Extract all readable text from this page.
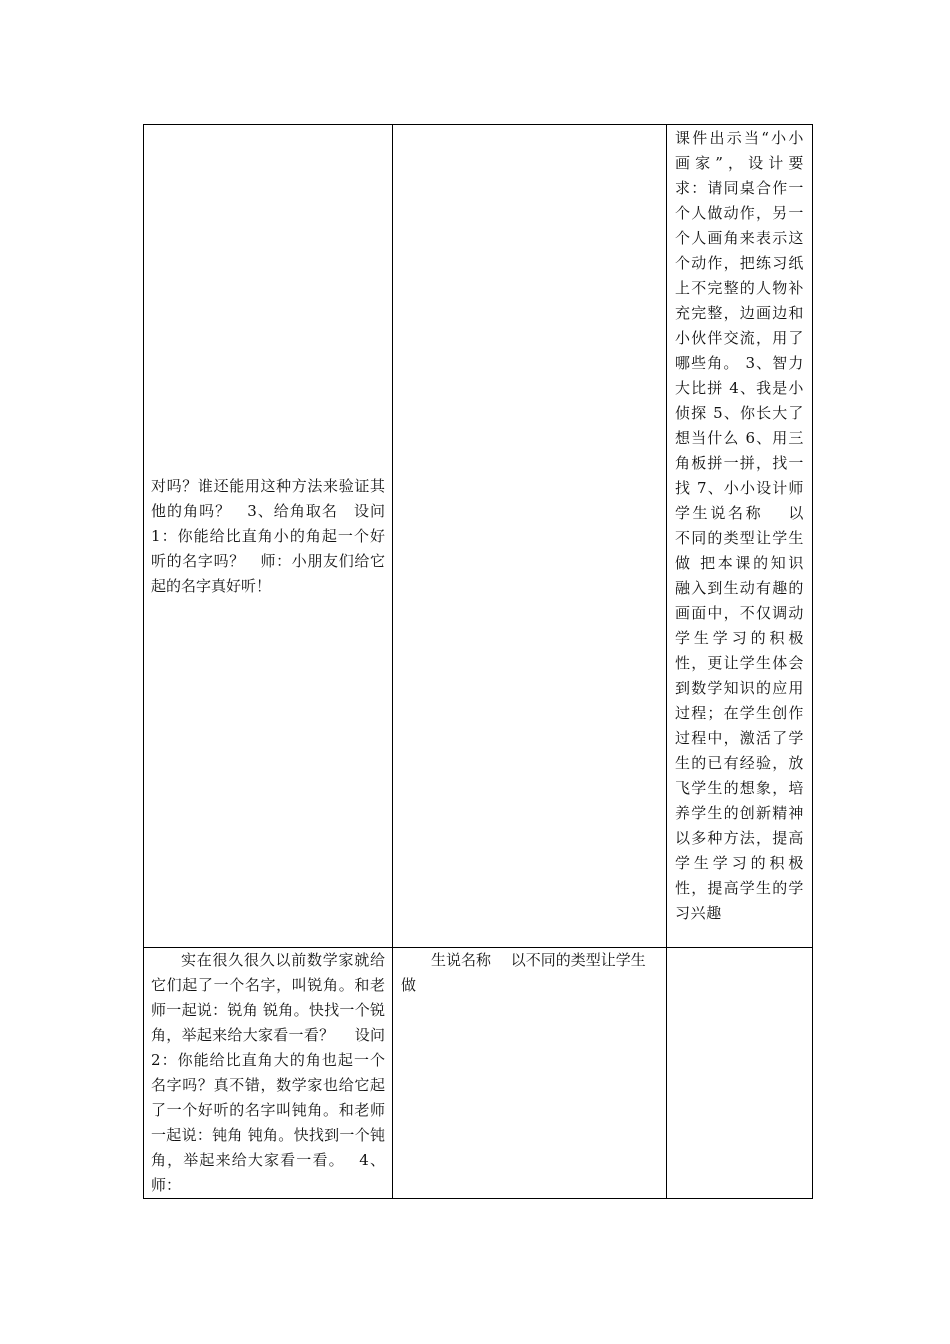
对吗？谁还能用这种方法来验证其他的角吗？　3、给角取名　设问1：你能给比直角小的角起一个好听的名字吗？　师：小朋友们给它起的名字真好听！		课件出示当“小小画家”，设计要求：请同桌合作一个人做动作，另一个人画角来表示这个动作，把练习纸上不完整的人物补充完整，边画边和小伙伴交流，用了哪些角。 3、智力大比拼 4、我是小侦探 5、你长大了想当什么 6、用三角板拼一拼，找一找 7、小小设计师　 学生说名称　 以不同的类型让学生做 把本课的知识融入到生动有趣的画面中，不仅调动学生学习的积极性，更让学生体会到数学知识的应用过程；在学生创作过程中，激活了学生的已有经验，放飞学生的想象，培养学生的创新精神以多种方法，提高学生学习的积极性，提高学生的学习兴趣

实在很久很久以前数学家就给它们起了一个名字，叫锐角。和老师一起说：锐角 锐角。快找一个锐角，举起来给大家看一看？　 设问2：你能给比直角大的角也起一个名字吗？真不错，数学家也给它起了一个好听的名字叫钝角。和老师一起说：钝角 钝角。快找到一个钝角，举起来给大家看一看。　 4、师：	生说名称　 以不同的类型让学生做	
